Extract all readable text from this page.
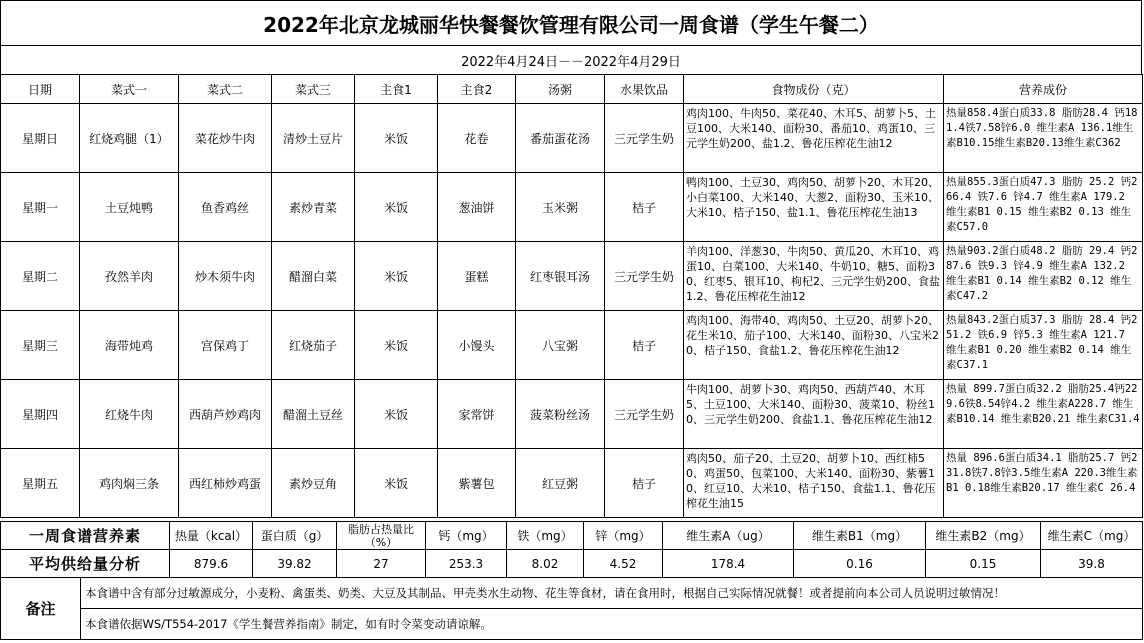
2022年北京龙城丽华快餐餐饮管理有限公司一周食谱（学生午餐二）
2022年4月24日－－2022年4月29日
日期	菜式一	菜式二	菜式三	主食1	主食2	汤粥	水果饮品	食物成份（克）	营养成份
星期日	红烧鸡腿（1）	菜花炒牛肉	清炒土豆片	米饭	花卷	番茄蛋花汤	三元学生奶	鸡肉100、牛肉50、菜花40、木耳5、胡萝卜5、土豆100、大米140、面粉30、番茄10、鸡蛋10、三元学生奶200、盐1.2、鲁花压榨花生油12	热量858.4蛋白质33.8 脂肪28.4 钙181.4铁7.58锌6.0 维生素A 136.1维生素B10.15维生素B20.13维生素C362
星期一	土豆炖鸭	鱼香鸡丝	素炒青菜	米饭	葱油饼	玉米粥	桔子	鸭肉100、土豆30、鸡肉50、胡萝卜20、木耳20、小白菜100、大米140、大葱2、面粉30、玉米10、大米10、桔子150、盐1.1、鲁花压榨花生油13	热量855.3蛋白质47.3 脂肪 25.2 钙266.4 铁7.6 锌4.7 维生素A 179.2 维生素B1 0.15 维生素B2 0.13 维生素C57.0
星期二	孜然羊肉	炒木须牛肉	醋溜白菜	米饭	蛋糕	红枣银耳汤	三元学生奶	羊肉100、洋葱30、牛肉50、黄瓜20、木耳10、鸡蛋10、白菜100、大米140、牛奶10、糖5、面粉30、红枣5、银耳10、枸杞2、三元学生奶200、食盐1.2、鲁花压榨花生油12	热量903.2蛋白质48.2 脂肪 29.4 钙287.6 铁9.3 锌4.9 维生素A 132.2 维生素B1 0.14 维生素B2 0.12 维生素C47.2
星期三	海带炖鸡	宫保鸡丁	红烧茄子	米饭	小馒头	八宝粥	桔子	鸡肉100、海带40、鸡肉50、土豆20、胡萝卜20、花生米10、茄子100、大米140、面粉30、八宝米20、桔子150、食盐1.2、鲁花压榨花生油12	热量843.2蛋白质37.3 脂肪 28.4 钙251.2 铁6.9 锌5.3 维生素A 121.7 维生素B1 0.20 维生素B2 0.14 维生素C37.1
星期四	红烧牛肉	西葫芦炒鸡肉	醋溜土豆丝	米饭	家常饼	菠菜粉丝汤	三元学生奶	牛肉100、胡萝卜30、鸡肉50、西葫芦40、木耳5、土豆100、大米140、面粉30、菠菜10、粉丝10、三元学生奶200、食盐1.1、鲁花压榨花生油12	热量 899.7蛋白质32.2 脂肪25.4钙229.6铁8.54锌4.2 维生素A228.7 维生素B10.14 维生素B20.21 维生素C31.4
星期五	鸡肉焖三条	西红柿炒鸡蛋	素炒豆角	米饭	紫薯包	红豆粥	桔子	鸡肉50、茄子20、土豆20、胡萝卜10、西红柿50、鸡蛋50、包菜100、大米140、面粉30、紫薯10、红豆10、大米10、桔子150、食盐1.1、鲁花压榨花生油15	热量 896.6蛋白质34.1 脂肪25.7 钙231.8铁7.8锌3.5维生素A 220.3维生素B1 0.18维生素B20.17 维生素C 26.4
一周食谱营养素	热量（kcal）	蛋白质（g）	脂肪占热量比（%）	钙（mg）	铁（mg）	锌（mg）	维生素A（ug）	维生素B1（mg）	维生素B2（mg）	维生素C（mg）
平均供给量分析	879.6	39.82	27	253.3	8.02	4.52	178.4	0.16	0.15	39.8
备注	本食谱中含有部分过敏源成分，小麦粉、禽蛋类、奶类、大豆及其制品、甲壳类水生动物、花生等食材，请在食用时，根据自己实际情况就餐！或者提前向本公司人员说明过敏情况！
本食谱依据WS/T554-2017《学生餐营养指南》制定，如有时令菜变动请谅解。
